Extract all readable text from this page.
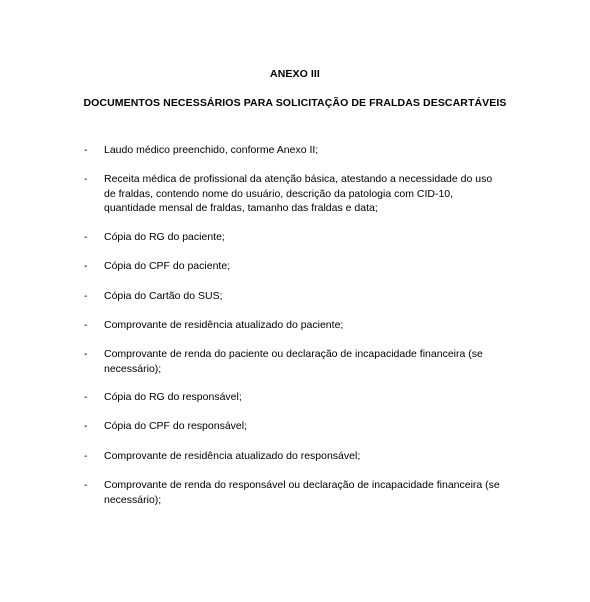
ANEXO III
DOCUMENTOS NECESSÁRIOS PARA SOLICITAÇÃO DE FRALDAS DESCARTÁVEIS
- Laudo médico preenchido, conforme Anexo II;
- Receita médica de profissional da atenção básica, atestando a necessidade do uso
de fraldas, contendo nome do usuário, descrição da patologia com CID-10,
quantidade mensal de fraldas, tamanho das fraldas e data;
- Cópia do RG do paciente;
- Cópia do CPF do paciente;
- Cópia do Cartão do SUS;
- Comprovante de residência atualizado do paciente;
- Comprovante de renda do paciente ou declaração de incapacidade financeira (se
necessário);
- Cópia do RG do responsável;
- Cópia do CPF do responsável;
- Comprovante de residência atualizado do responsável;
- Comprovante de renda do responsável ou declaração de incapacidade financeira (se
necessário);
